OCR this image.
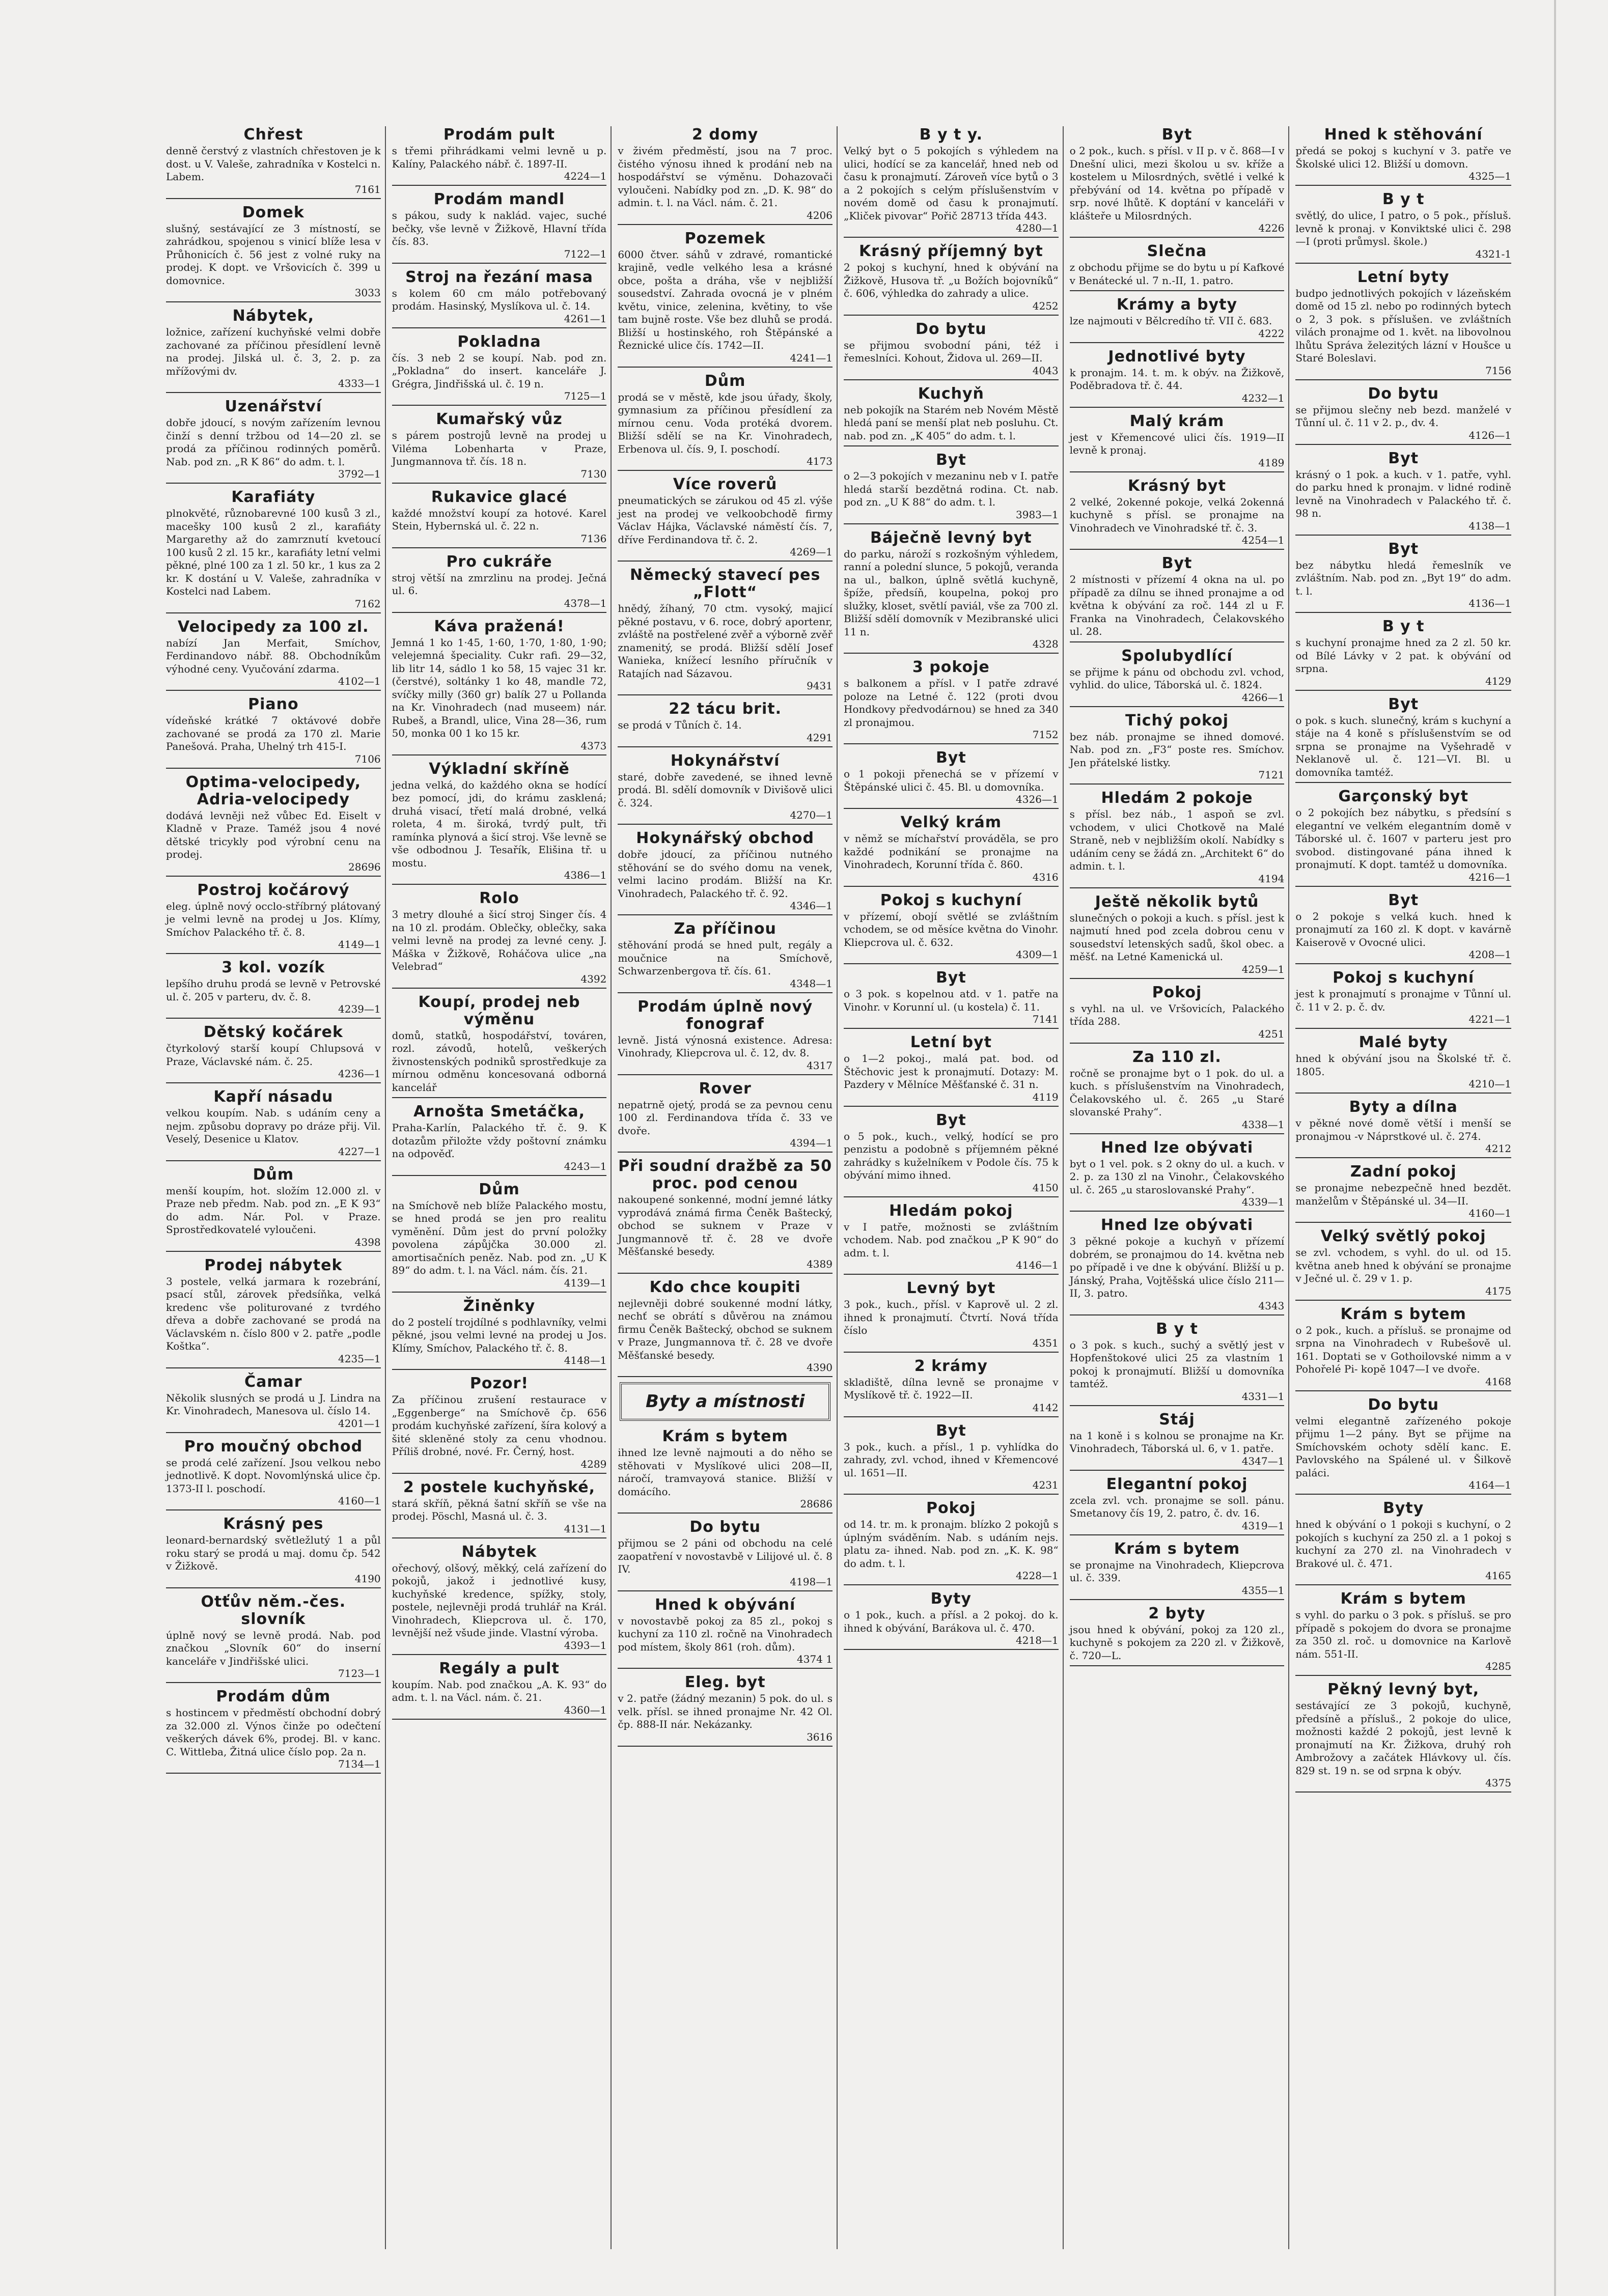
Chřest

denně čerstvý z vlastních chřestoven je k dost. u V. Valeše, zahradníka v Kostelci n. Labem.

7161
Domek

slušný, sestávající ze 3 místností, se zahrádkou, spojenou s vinicí blíže lesa v Průhonicích č. 56 jest z volné ruky na prodej. K dopt. ve Vršovicích č. 399 u domovnice.

3033
Nábytek,

ložnice, zařízení kuchyňské velmi dobře zachované za příčinou přesídlení levně na prodej. Jilská ul. č. 3, 2. p. za mřížovými dv.

4333—1
Uzenářství

dobře jdoucí, s novým zařízením levnou činží s denní tržbou od 14—20 zl. se prodá za příčinou rodinných poměrů. Nab. pod zn. „R K 86“ do adm. t. l.

3792—1
Karafiáty

plnokvěté, různobarevné 100 kusů 3 zl., macešky 100 kusů 2 zl., karafiáty Margarethy až do zamrznutí kvetoucí 100 kusů 2 zl. 15 kr., karafiáty letní velmi pěkné, plné 100 za 1 zl. 50 kr., 1 kus za 2 kr. K dostání u V. Valeše, zahradníka v Kostelci nad Labem.

7162
Velocipedy za 100 zl.

nabízí Jan Merfait, Smíchov, Ferdinandovo nábř. 88. Obchodníkům výhodné ceny. Vyučování zdarma.

4102—1
Piano

vídeňské krátké 7 oktávové dobře zachované se prodá za 170 zl. Marie Panešová. Praha, Uhelný trh 415-I.

7106
Optima-velocipedy, Adria-velocipedy

dodává levněji než vůbec Ed. Eiselt v Kladně v Praze. Taméž jsou 4 nové dětské tricykly pod výrobní cenu na prodej.

28696
Postroj kočárový

eleg. úplně nový occlo-stříbrný plátovaný je velmi levně na prodej u Jos. Klímy, Smíchov Palackého tř. č. 8.

4149—1
3 kol. vozík

lepšího druhu prodá se levně v Petrovské ul. č. 205 v parteru, dv. č. 8.

4239—1
Dětský kočárek

čtyrkolový starší koupí Chlupsová v Praze, Václavské nám. č. 25.

4236—1
Kapří násadu

velkou koupím. Nab. s udáním ceny a nejm. způsobu dopravy po dráze přij. Vil. Veselý, Desenice u Klatov.

4227—1
Dům

menší koupím, hot. složím 12.000 zl. v Praze neb předm. Nab. pod zn. „E K 93“ do adm. Nár. Pol. v Praze. Sprostředkovatelé vyloučeni.

4398
Prodej nábytek

3 postele, velká jarmara k rozebrání, psací stůl, zárovek předsíňka, velká kredenc vše politurované z tvrdého dřeva a dobře zachované se prodá na Václavském n. číslo 800 v 2. patře „podle Koštka“.

4235—1
Čamar

Několik slusných se prodá u J. Lindra na Kr. Vinohradech, Manesova ul. číslo 14.

4201—1
Pro moučný obchod

se prodá celé zařízení. Jsou velkou nebo jednotlivě. K dopt. Novomlýnská ulice čp. 1373-II l. poschodí.

4160—1
Krásný pes

leonard-bernardský světležlutý 1 a půl roku starý se prodá u maj. domu čp. 542 v Žižkově.

4190
Otťův něm.-čes. slovník

úplně nový se levně prodá. Nab. pod značkou „Slovník 60“ do inserní kanceláře v Jindřišské ulici.

7123—1
Prodám dům

s hostincem v předměstí obchodní dobrý za 32.000 zl. Výnos činže po odečtení veškerých dávek 6%, prodej. Bl. v kanc. C. Wittleba, Žitná ulice číslo pop. 2a n.

7134—1
Prodám pult

s třemi přihrádkami velmi levně u p. Kalíny, Palackého nábř. č. 1897-II.

4224—1
Prodám mandl

s pákou, sudy k naklád. vajec, suché bečky, vše levně v Žižkově, Hlavní třída čís. 83.

7122—1
Stroj na řezání masa

s kolem 60 cm málo potřebovaný prodám. Hasinský, Myslíkova ul. č. 14.

4261—1
Pokladna

čís. 3 neb 2 se koupí. Nab. pod zn. „Pokladna“ do insert. kanceláře J. Grégra, Jindřišská ul. č. 19 n.

7125—1
Kumařský vůz

s párem postrojů levně na prodej u Viléma Lobenharta v Praze, Jungmannova tř. čís. 18 n.

7130
Rukavice glacé

každé množství koupí za hotové. Karel Stein, Hybernská ul. č. 22 n.

7136
Pro cukráře

stroj větší na zmrzlinu na prodej. Ječná ul. 6.

4378—1
Káva pražená!

Jemná 1 ko 1·45, 1·60, 1·70, 1·80, 1·90; velejemná špeciality. Cukr rafi. 29—32, lib litr 14, sádlo 1 ko 58, 15 vajec 31 kr. (čerstvé), soltánky 1 ko 48, mandle 72, svíčky milly (360 gr) balík 27 u Pollanda na Kr. Vinohradech (nad museem) nár. Rubeš, a Brandl, ulice, Vina 28—36, rum 50, monka 00 1 ko 15 kr.

4373
Výkladní skříně

jedna velká, do každého okna se hodící bez pomocí, jdi, do krámu zasklená; druhá visací, třetí malá drobné, velká roleta, 4 m. široká, tvrdý pult, tři ramínka plynová a šicí stroj. Vše levně se vše odbodnou J. Tesařík, Elišina tř. u mostu.

4386—1
Rolo

3 metry dlouhé a šicí stroj Singer čís. 4 na 10 zl. prodám. Oblečky, oblečky, saka velmi levně na prodej za levné ceny. J. Máška v Žižkově, Roháčova ulice „na Velebrad“

4392
Koupí, prodej neb výměnu

domů, statků, hospodářství, továren, rozl. závodů, hotelů, veškerých živnostenských podniků sprostředkuje za mírnou odměnu koncesovaná odborná kancelář

Arnošta Smetáčka,

Praha-Karlín, Palackého tř. č. 9. K dotazům přiložte vždy poštovní známku na odpověď.

4243—1
Dům

na Smíchově neb blíže Palackého mostu, se hned prodá se jen pro realitu vyměnění. Dům jest do první položky povolena zápůjčka 30.000 zl. amortisačních peněz. Nab. pod zn. „U K 89“ do adm. t. l. na Václ. nám. čís. 21.

4139—1
Žiněnky

do 2 postelí trojdílné s podhlavníky, velmi pěkné, jsou velmi levné na prodej u Jos. Klímy, Smíchov, Palackého tř. č. 8.

4148—1
Pozor!

Za příčinou zrušení restaurace v „Eggenberge“ na Smíchově čp. 656 prodám kuchyňské zařízení, šíra kolový a šité skleněné stoly za cenu vhodnou. Příliš drobné, nové. Fr. Černý, host.

4289
2 postele kuchyňské,

stará skříň, pěkná šatní skříň se vše na prodej. Pöschl, Masná ul. č. 3.

4131—1
Nábytek

ořechový, olšový, měkký, celá zařízení do pokojů, jakož i jednotlivé kusy, kuchyňské kredence, spížky, stoly, postele, nejlevněji prodá truhlář na Král. Vinohradech, Kliepcrova ul. č. 170, levnější než všude jinde. Vlastní výroba.

4393—1
Regály a pult

koupím. Nab. pod značkou „A. K. 93“ do adm. t. l. na Václ. nám. č. 21.

4360—1
2 domy

v živém předměstí, jsou na 7 proc. čistého výnosu ihned k prodání neb na hospodářství se výměnu. Dohazovači vyloučeni. Nabídky pod zn. „D. K. 98“ do admin. t. l. na Václ. nám. č. 21.

4206
Pozemek

6000 čtver. sáhů v zdravé, romantické krajině, vedle velkého lesa a krásné obce, pošta a dráha, vše v nejbližší sousedství. Zahrada ovocná je v plném květu, vinice, zelenina, květiny, to vše tam bujně roste. Vše bez dluhů se prodá. Bližší u hostinského, roh Štěpánské a Řeznické ulice čís. 1742—II.

4241—1
Dům

prodá se v městě, kde jsou úřady, školy, gymnasium za příčinou přesídlení za mírnou cenu. Voda protéká dvorem. Bližší sdělí se na Kr. Vinohradech, Erbenova ul. čís. 9, I. poschodí.

4173
Více roverů

pneumatických se zárukou od 45 zl. výše jest na prodej ve velkoobchodě firmy Václav Hájka, Václavské náměstí čís. 7, dříve Ferdinandova tř. č. 2.

4269—1
Německý stavecí pes „Flott“

hnědý, žíhaný, 70 ctm. vysoký, majicí pěkné postavu, v 6. roce, dobrý aportenr, zvláště na postřelené zvěř a výborně zvěř znamenitý, se prodá. Bližší sdělí Josef Wanieka, knížecí lesního příručník v Ratajích nad Sázavou.

9431
22 tácu brit.

se prodá v Tůních č. 14.

4291
Hokynářství

staré, dobře zavedené, se ihned levně prodá. Bl. sdělí domovník v Divišově ulici č. 324.

4270—1
Hokynářský obchod

dobře jdoucí, za příčinou nutného stěhování se do svého domu na venek, velmi lacino prodám. Bližší na Kr. Vinohradech, Palackého tř. č. 92.

4346—1
Za příčinou

stěhování prodá se hned pult, regály a moučnice na Smíchově, Schwarzenbergova tř. čís. 61.

4348—1
Prodám úplně nový fonograf

levně. Jistá výnosná existence. Adresa: Vinohrady, Kliepcrova ul. č. 12, dv. 8.

4317
Rover

nepatrně ojetý, prodá se za pevnou cenu 100 zl. Ferdinandova třída č. 33 ve dvoře.

4394—1
Při soudní dražbě za 50 proc. pod cenou

nakoupené sonkenné, modní jemné látky vyprodává známá firma Čeněk Baštecký, obchod se suknem v Praze v Jungmannově tř. č. 28 ve dvoře Měšťanské besedy.

4389
Kdo chce koupiti

nejlevněji dobré soukenné modní látky, nechť se obrátí s důvěrou na známou firmu Čeněk Baštecký, obchod se suknem v Praze, Jungmannova tř. č. 28 ve dvoře Měšťanské besedy.

4390
Byty a místnosti
Krám s bytem

ihned lze levně najmouti a do něho se stěhovati v Myslíkové ulici 208—II, náročí, tramvayová stanice. Bližší v domácího.

28686
Do bytu

přijmou se 2 páni od obchodu na celé zaopatření v novostavbě v Lilijové ul. č. 8 IV.

4198—1
Hned k obývání

v novostavbě pokoj za 85 zl., pokoj s kuchyní za 110 zl. ročně na Vinohradech pod místem, školy 861 (roh. dům).

4374 1
Eleg. byt

v 2. patře (žádný mezanin) 5 pok. do ul. s velk. přísl. se ihned pronajme Nr. 42 Ol. čp. 888-II nár. Nekázanky.

3616
B y t y.

Velký byt o 5 pokojích s výhledem na ulici, hodící se za kancelář, hned neb od času k pronajmutí. Zároveň více bytů o 3 a 2 pokojích s celým příslušenstvím v novém domě od času k pronajmutí. „Kliček pivovar“ Pořič 28713 třída 443.

4280—1
Krásný příjemný byt

2 pokoj s kuchyní, hned k obývání na Žižkově, Husova tř. „u Božích bojovníků“ č. 606, výhledka do zahrady a ulice.

4252
Do bytu

se přijmou svobodní páni, též i řemeslníci. Kohout, Židova ul. 269—II.

4043
Kuchyň

neb pokojík na Starém neb Novém Městě hledá paní se menší plat neb posluhu. Ct. nab. pod zn. „K 405“ do adm. t. l.

Byt

o 2—3 pokojích v mezaninu neb v I. patře hledá starší bezdětná rodina. Ct. nab. pod zn. „U K 88“ do adm. t. l.

3983—1
Báječně levný byt

do parku, nároží s rozkošným výhledem, ranní a polední slunce, 5 pokojů, veranda na ul., balkon, úplně světlá kuchyně, špíže, předsíň, koupelna, pokoj pro služky, kloset, světlí paviál, vše za 700 zl. Bližší sdělí domovník v Mezibranské ulici 11 n.

4328
3 pokoje

s balkonem a přísl. v I patře zdravé poloze na Letné č. 122 (proti dvou Hondkovy předvodárnou) se hned za 340 zl pronajmou.

7152
Byt

o 1 pokoji přenechá se v přízemí v Štěpánské ulici č. 45. Bl. u domovníka.

4326—1
Velký krám

v němž se míchařství prováděla, se pro každé podnikání se pronajme na Vinohradech, Korunní třída č. 860.

4316
Pokoj s kuchyní

v přízemí, obojí světlé se zvláštním vchodem, se od měsíce května do Vinohr. Kliepcrova ul. č. 632.

4309—1
Byt

o 3 pok. s kopelnou atd. v 1. patře na Vinohr. v Korunní ul. (u kostela) č. 11.

7141
Letní byt

o 1—2 pokoj., malá pat. bod. od Štěchovic jest k pronajmutí. Dotazy: M. Pazdery v Mělníce Měšťanské č. 31 n.

4119
Byt

o 5 pok., kuch., velký, hodící se pro penzistu a podobně s příjemném pěkné zahrádky s kuželníkem v Podole čís. 75 k obývání mimo ihned.

4150
Hledám pokoj

v I patře, možnosti se zvláštním vchodem. Nab. pod značkou „P K 90“ do adm. t. l.

4146—1
Levný byt

3 pok., kuch., přísl. v Kaprově ul. 2 zl. ihned k pronajmutí. Čtvrtí. Nová třída číslo

4351
2 krámy

skladiště, dílna levně se pronajme v Myslíkově tř. č. 1922—II.

4142
Byt

3 pok., kuch. a přísl., 1 p. vyhlídka do zahrady, zvl. vchod, ihned v Křemencové ul. 1651—II.

4231
Pokoj

od 14. tr. m. k pronajm. blízko 2 pokojů s úplným sváděním. Nab. s udáním nejs. platu za- ihned. Nab. pod zn. „K. K. 98“ do adm. t. l.

4228—1
Byty

o 1 pok., kuch. a přísl. a 2 pokoj. do k. ihned k obývání, Barákova ul. č. 470.

4218—1
Byt

o 2 pok., kuch. s přísl. v II p. v č. 868—I v Dnešní ulici, mezi školou u sv. kříže a kostelem u Milosrdných, světlé i velké k přebývání od 14. května po případě v srp. nové lhůtě. K doptání v kanceláři v klášteře u Milosrdných.

4226
Slečna

z obchodu přijme se do bytu u pí Kafkové v Benátecké ul. 7 n.-II, 1. patro.

Krámy a byty

lze najmouti v Bělcredího tř. VII č. 683.

4222
Jednotlivé byty

k pronajm. 14. t. m. k obýv. na Žižkově, Poděbradova tř. č. 44.

4232—1
Malý krám

jest v Křemencové ulici čís. 1919—II levně k pronaj.

4189
Krásný byt

2 velké, 2okenné pokoje, velká 2okenná kuchyně s přísl. se pronajme na Vinohradech ve Vinohradské tř. č. 3.

4254—1
Byt

2 místnosti v přízemí 4 okna na ul. po případě za dílnu se ihned pronajme a od května k obývání za roč. 144 zl u F. Franka na Vinohradech, Čelakovského ul. 28.

Spolubydlící

se přijme k pánu od obchodu zvl. vchod, vyhlid. do ulice, Táborská ul. č. 1824.

4266—1
Tichý pokoj

bez náb. pronajme se ihned domové. Nab. pod zn. „F3“ poste res. Smíchov. Jen přátelské listky.

7121
Hledám 2 pokoje

s přísl. bez náb., 1 aspoň se zvl. vchodem, v ulici Chotkově na Malé Straně, neb v nejbližším okolí. Nabídky s udáním ceny se žádá zn. „Architekt 6“ do admin. t. l.

4194
Ještě několik bytů

slunečných o pokoji a kuch. s přísl. jest k najmutí hned pod zcela dobrou cenu v sousedství letenských sadů, škol obec. a měšť. na Letné Kamenická ul.

4259—1
Pokoj

s vyhl. na ul. ve Vršovicích, Palackého třída 288.

4251
Za 110 zl.

ročně se pronajme byt o 1 pok. do ul. a kuch. s příslušenstvím na Vinohradech, Čelakovského ul. č. 265 „u Staré slovanské Prahy“.

4338—1
Hned lze obývati

byt o 1 vel. pok. s 2 okny do ul. a kuch. v 2. p. za 130 zl na Vinohr., Čelakovského ul. č. 265 „u staroslovanské Prahy“.

4339—1
Hned lze obývati

3 pěkné pokoje a kuchyň v přízemí dobrém, se pronajmou do 14. května neb po případě i ve dne k obývání. Bližší u p. Jánský, Praha, Vojtěšská ulice číslo 211—II, 3. patro.

4343
B y t

o 3 pok. s kuch., suchý a světlý jest v Hopfenštokové ulici 25 za vlastním 1 pokoj k pronajmutí. Bližší u domovníka tamtéž.

4331—1
Stáj

na 1 koně i s kolnou se pronajme na Kr. Vinohradech, Táborská ul. 6, v 1. patře.

4347—1
Elegantní pokoj

zcela zvl. vch. pronajme se soll. pánu. Smetanovy čís 19, 2. patro, č. dv. 16.

4319—1
Krám s bytem

se pronajme na Vinohradech, Kliepcrova ul. č. 339.

4355—1
2 byty

jsou hned k obývání, pokoj za 120 zl., kuchyně s pokojem za 220 zl. v Žižkově, č. 720—L.

Hned k stěhování

předá se pokoj s kuchyní v 3. patře ve Školské ulici 12. Bližší u domovn.

4325—1
B y t

světlý, do ulice, I patro, o 5 pok., přísluš. levně k pronaj. v Konviktské ulici č. 298—I (proti průmysl. škole.)

4321-1
Letní byty

budpo jednotlivých pokojích v lázeňském domě od 15 zl. nebo po rodinných bytech o 2, 3 pok. s příslušen. ve zvláštních vilách pronajme od 1. květ. na libovolnou lhůtu Správa železitých lázní v Houšce u Staré Boleslavi.

7156
Do bytu

se přijmou slečny neb bezd. manželé v Tůnní ul. č. 11 v 2. p., dv. 4.

4126—1
Byt

krásný o 1 pok. a kuch. v 1. patře, vyhl. do parku hned k pronajm. v lidné rodině levně na Vinohradech v Palackého tř. č. 98 n.

4138—1
Byt

bez nábytku hledá řemeslník ve zvláštním. Nab. pod zn. „Byt 19“ do adm. t. l.

4136—1
B y t

s kuchyní pronajme hned za 2 zl. 50 kr. od Bílé Lávky v 2 pat. k obývání od srpna.

4129
Byt

o pok. s kuch. slunečný, krám s kuchyní a stáje na 4 koně s příslušenstvím se od srpna se pronajme na Vyšehradě v Neklanově ul. č. 121—VI. Bl. u domovníka tamtéž.

Garçonský byt

o 2 pokojích bez nábytku, s předsíní s elegantní ve velkém elegantním domě v Táborské ul. č. 1607 v parteru jest pro svobod. distingované pána ihned k pronajmutí. K dopt. tamtéž u domovníka.

4216—1
Byt

o 2 pokoje s velká kuch. hned k pronajmutí za 160 zl. K dopt. v kavárně Kaiserově v Ovocné ulici.

4208—1
Pokoj s kuchyní

jest k pronajmutí s pronajme v Tůnní ul. č. 11 v 2. p. č. dv.

4221—1
Malé byty

hned k obývání jsou na Školské tř. č. 1805.

4210—1
Byty a dílna

v pěkné nové domě větší i menší se pronajmou -v Náprstkové ul. č. 274.

4212
Zadní pokoj

se pronajme nebezpečně hned bezdět. manželům v Štěpánské ul. 34—II.

4160—1
Velký světlý pokoj

se zvl. vchodem, s vyhl. do ul. od 15. května aneb hned k obývání se pronajme v Ječné ul. č. 29 v 1. p.

4175
Krám s bytem

o 2 pok., kuch. a přísluš. se pronajme od srpna na Vinohradech v Rubešově ul. 161. Doptati se v Gothoilovské nimm a v Pohořelé Pi- kopě 1047—I ve dvoře.

4168
Do bytu

velmi elegantně zařízeného pokoje přijmu 1—2 pány. Byt se přijme na Smíchovském ochoty sdělí kanc. E. Pavlovského na Spálené ul. v Šilkově paláci.

4164—1
Byty

hned k obývání o 1 pokoji s kuchyní, o 2 pokojích s kuchyní za 250 zl. a 1 pokoj s kuchyní za 270 zl. na Vinohradech v Brakové ul. č. 471.

4165
Krám s bytem

s vyhl. do parku o 3 pok. s přísluš. se pro případě s pokojem do dvora se pronajme za 350 zl. roč. u domovnice na Karlově nám. 551-II.

4285
Pěkný levný byt,

sestávající ze 3 pokojů, kuchyně, předsíně a přísluš., 2 pokoje do ulice, možnosti každé 2 pokojů, jest levně k pronajmutí na Kr. Žižkova, druhý roh Ambrožovy a začátek Hlávkovy ul. čís. 829 st. 19 n. se od srpna k obýv.

4375
